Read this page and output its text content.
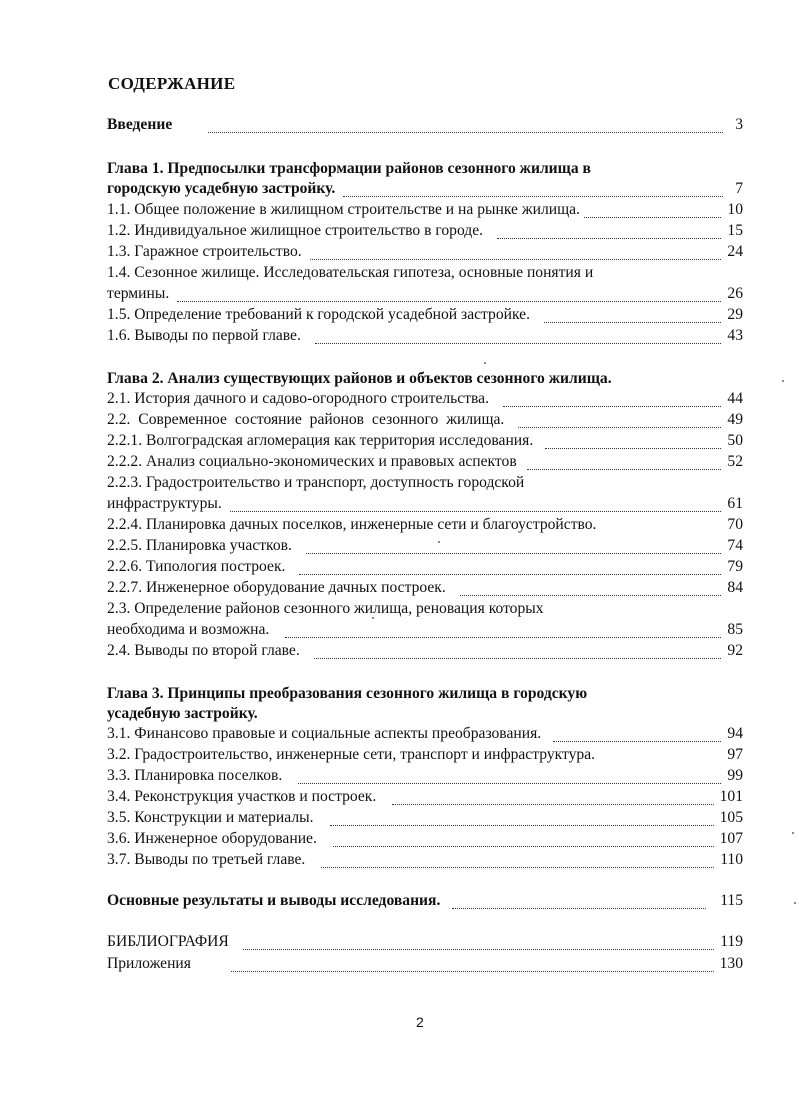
СОДЕРЖАНИЕ
Введение	3
Глава 1. Предпосылки трансформации районов сезонного жилища в
городскую усадебную застройку.	7
1.1. Общее положение в жилищном строительстве и на рынке жилища.	10
1.2. Индивидуальное жилищное строительство в городе.	15
1.3. Гаражное строительство.	24
1.4. Сезонное жилище. Исследовательская гипотеза, основные понятия и
термины.	26
1.5. Определение требований к городской усадебной застройке.	29
1.6. Выводы по первой главе.	43
Глава 2. Анализ существующих районов и объектов сезонного жилища.
2.1. История дачного и садово-огородного строительства.	44
2.2. Современное состояние районов сезонного жилища.	49
2.2.1. Волгоградская агломерация как территория исследования.	50
2.2.2. Анализ социально-экономических и правовых аспектов	52
2.2.3. Градостроительство и транспорт, доступность городской
инфраструктуры.	61
2.2.4. Планировка дачных поселков, инженерные сети и благоустройство.	70
2.2.5. Планировка участков.	74
2.2.6. Типология построек.	79
2.2.7. Инженерное оборудование дачных построек.	84
2.3. Определение районов сезонного жилища, реновация которых
необходима и возможна.	85
2.4. Выводы по второй главе.	92
Глава 3. Принципы преобразования сезонного жилища в городскую
усадебную застройку.
3.1. Финансово правовые и социальные аспекты преобразования.	94
3.2. Градостроительство, инженерные сети, транспорт и инфраструктура.	97
3.3. Планировка поселков.	99
3.4. Реконструкция участков и построек.	101
3.5. Конструкции и материалы.	105
3.6. Инженерное оборудование.	107
3.7. Выводы по третьей главе.	110
Основные результаты и выводы исследования.	115
БИБЛИОГРАФИЯ	119
Приложения	130
2
